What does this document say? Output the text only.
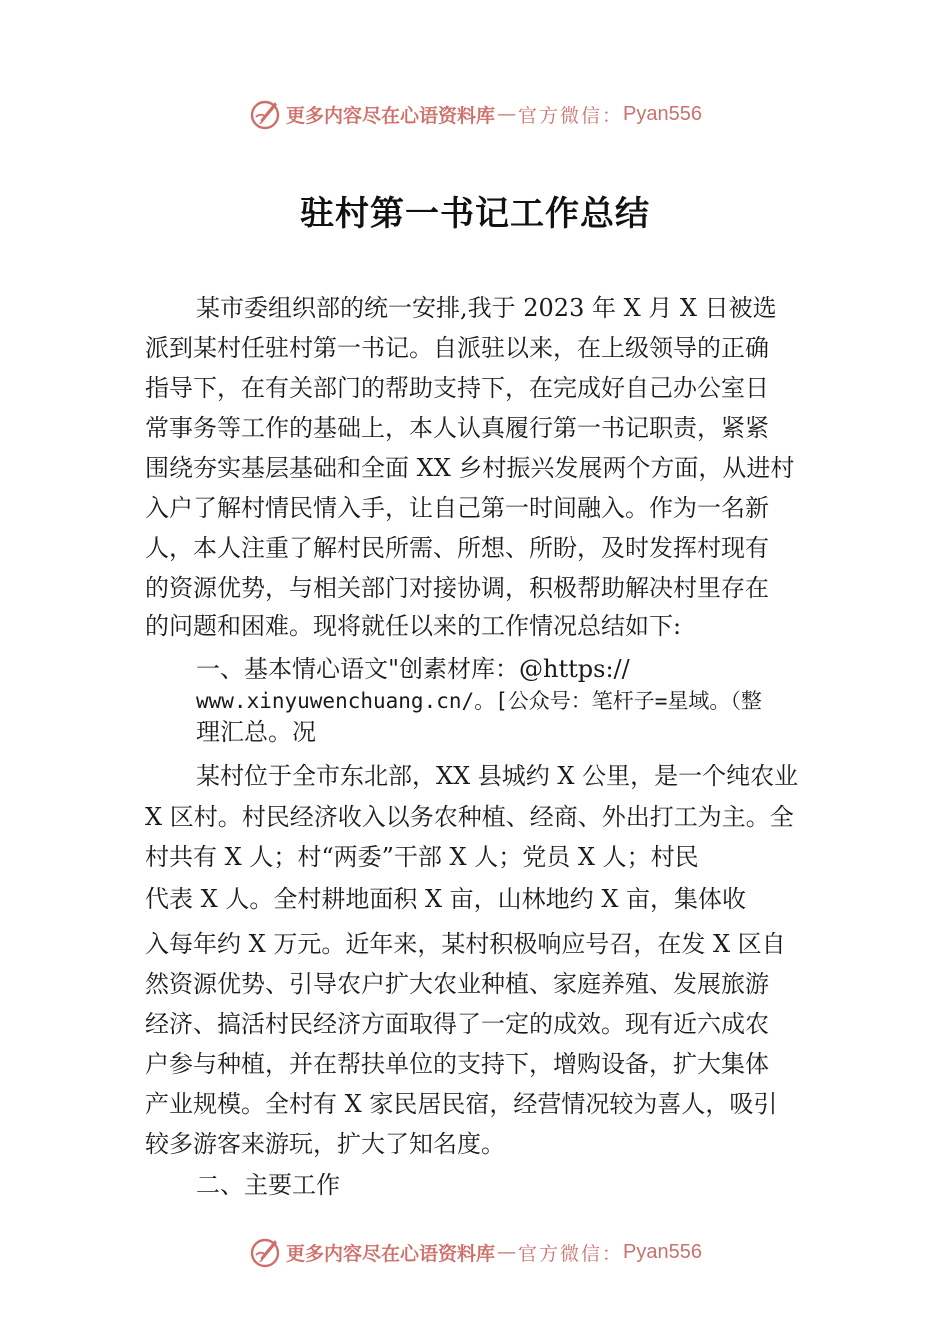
更多内容尽在心语资料库 — 官方微信： Pyan556
驻村第一书记工作总结
某市委组织部的统一安排,我于 2023 年 X 月 X 日被选
派到某村任驻村第一书记。自派驻以来，在上级领导的正确
指导下，在有关部门的帮助支持下，在完成好自己办公室日
常事务等工作的基础上，本人认真履行第一书记职责，紧紧
围绕夯实基层基础和全面 XX 乡村振兴发展两个方面，从进村
入户了解村情民情入手，让自己第一时间融入。作为一名新
人，本人注重了解村民所需、所想、所盼，及时发挥村现有
的资源优势，与相关部门对接协调，积极帮助解决村里存在
的问题和困难。现将就任以来的工作情况总结如下:
一、基本情心语文"创素材库：@https://
www.xinyuwenchuang.cn/。[公众号：笔杆子=星域。（整
理汇总。况
某村位于全市东北部，XX 县城约 X 公里，是一个纯农业
X 区村。村民经济收入以务农种植、经商、外出打工为主。全
村共有 X 人；村“两委”干部 X 人；党员 X 人；村民
代表 X 人。全村耕地面积 X 亩，山林地约 X 亩，集体收
入每年约 X 万元。近年来，某村积极响应号召，在发 X 区自
然资源优势、引导农户扩大农业种植、家庭养殖、发展旅游
经济、搞活村民经济方面取得了一定的成效。现有近六成农
户参与种植，并在帮扶单位的支持下，增购设备，扩大集体
产业规模。全村有 X 家民居民宿，经营情况较为喜人，吸引
较多游客来游玩，扩大了知名度。
二、主要工作
更多内容尽在心语资料库 — 官方微信： Pyan556
